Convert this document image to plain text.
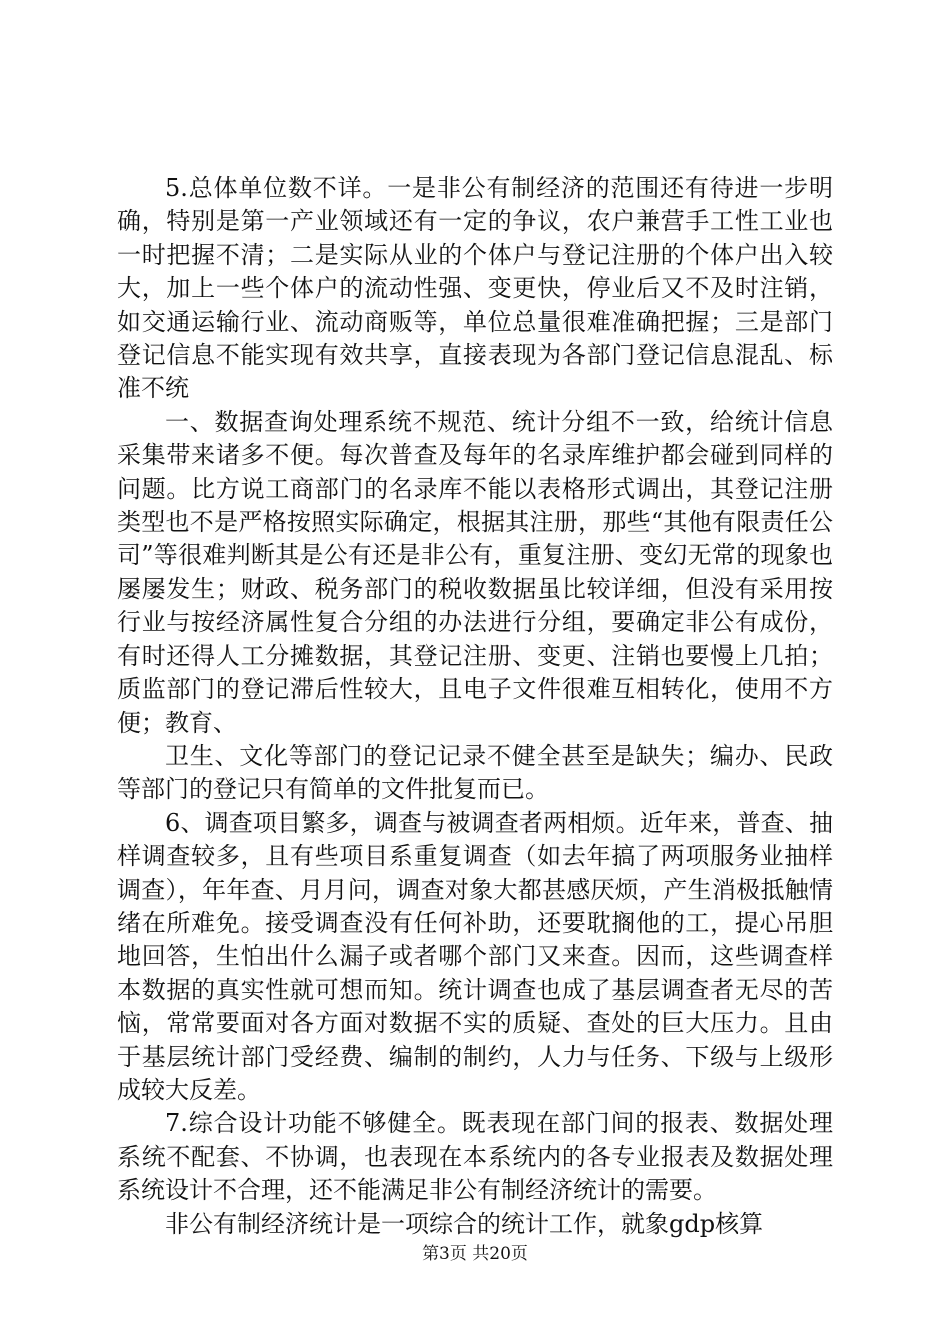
5.总体单位数不详。一是非公有制经济的范围还有待进一步明确，特别是第一产业领域还有一定的争议，农户兼营手工性工业也一时把握不清；二是实际从业的个体户与登记注册的个体户出入较大，加上一些个体户的流动性强、变更快，停业后又不及时注销，如交通运输行业、流动商贩等，单位总量很难准确把握；三是部门登记信息不能实现有效共享，直接表现为各部门登记信息混乱、标准不统

一、数据查询处理系统不规范、统计分组不一致，给统计信息采集带来诸多不便。每次普查及每年的名录库维护都会碰到同样的问题。比方说工商部门的名录库不能以表格形式调出，其登记注册类型也不是严格按照实际确定，根据其注册，那些“其他有限责任公司”等很难判断其是公有还是非公有，重复注册、变幻无常的现象也屡屡发生；财政、税务部门的税收数据虽比较详细，但没有采用按行业与按经济属性复合分组的办法进行分组，要确定非公有成份，有时还得人工分摊数据，其登记注册、变更、注销也要慢上几拍；质监部门的登记滞后性较大，且电子文件很难互相转化，使用不方便；教育、

卫生、文化等部门的登记记录不健全甚至是缺失；编办、民政等部门的登记只有简单的文件批复而已。

6、调查项目繁多，调查与被调查者两相烦。近年来，普查、抽样调查较多，且有些项目系重复调查（如去年搞了两项服务业抽样调查），年年查、月月问，调查对象大都甚感厌烦，产生消极抵触情绪在所难免。接受调查没有任何补助，还要耽搁他的工，提心吊胆地回答，生怕出什么漏子或者哪个部门又来查。因而，这些调查样本数据的真实性就可想而知。统计调查也成了基层调查者无尽的苦恼，常常要面对各方面对数据不实的质疑、查处的巨大压力。且由于基层统计部门受经费、编制的制约，人力与任务、下级与上级形成较大反差。

7.综合设计功能不够健全。既表现在部门间的报表、数据处理系统不配套、不协调，也表现在本系统内的各专业报表及数据处理系统设计不合理，还不能满足非公有制经济统计的需要。

非公有制经济统计是一项综合的统计工作，就象gdp核算

第3页 共20页
